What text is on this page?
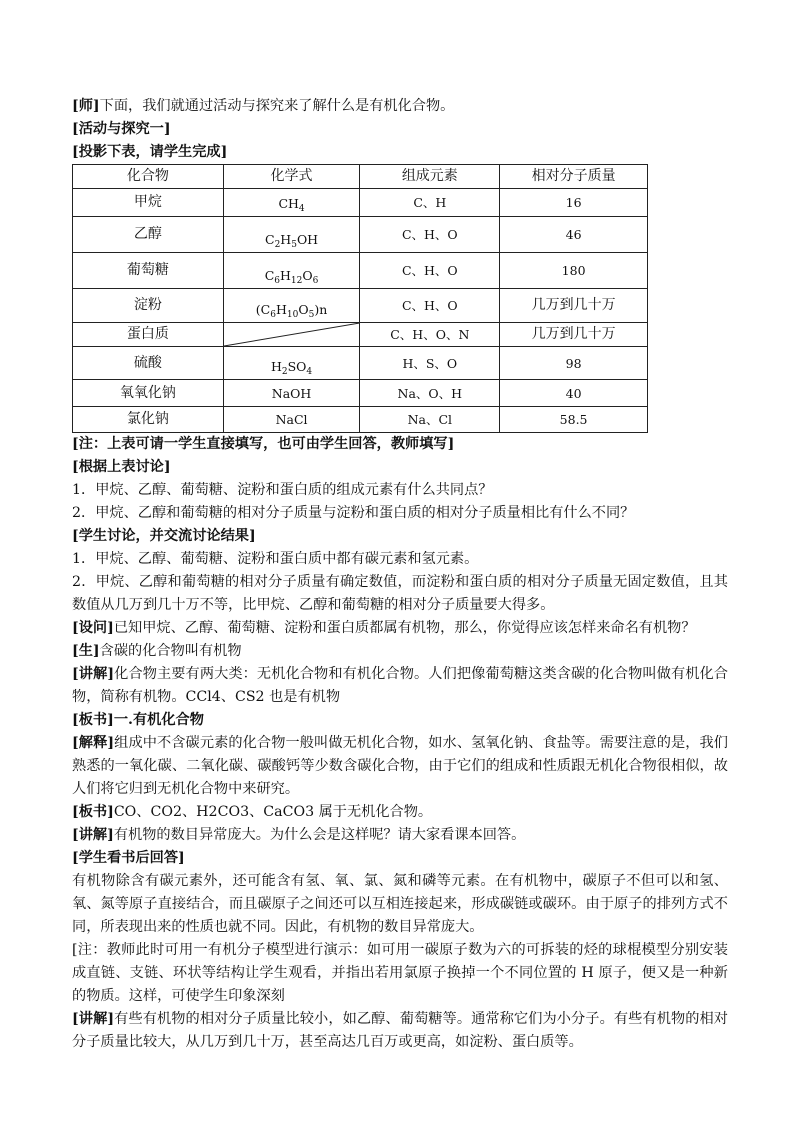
[师]下面，我们就通过活动与探究来了解什么是有机化合物。
[活动与探究一]
[投影下表，请学生完成]
化合物	化学式	组成元素	相对分子质量
甲烷	$CH_4$	C、H	16
乙醇	$C_2H_5OH$	C、H、O	46
葡萄糖	$C_6H_{12}O_6$	C、H、O	180
淀粉	$(C_6H_{10}O_5)n$	C、H、O	几万到几十万
蛋白质		C、H、O、N	几万到几十万
硫酸	$H_2SO_4$	H、S、O	98
氧氧化钠	NaOH	Na、O、H	40
氯化钠	NaCl	Na、Cl	58.5
[注：上表可请一学生直接填写，也可由学生回答，教师填写]
[根据上表讨论]
1．甲烷、乙醇、葡萄糖、淀粉和蛋白质的组成元素有什么共同点？
2．甲烷、乙醇和葡萄糖的相对分子质量与淀粉和蛋白质的相对分子质量相比有什么不同？
[学生讨论，并交流讨论结果]
1．甲烷、乙醇、葡萄糖、淀粉和蛋白质中都有碳元素和氢元素。
2．甲烷、乙醇和葡萄糖的相对分子质量有确定数值，而淀粉和蛋白质的相对分子质量无固定数值，且其数值从几万到几十万不等，比甲烷、乙醇和葡萄糖的相对分子质量要大得多。
[设问]已知甲烷、乙醇、葡萄糖、淀粉和蛋白质都属有机物，那么，你觉得应该怎样来命名有机物？
[生]含碳的化合物叫有机物
[讲解]化合物主要有两大类：无机化合物和有机化合物。人们把像葡萄糖这类含碳的化合物叫做有机化合物，简称有机物。CCl4、CS2 也是有机物
[板书]一.有机化合物
[解释]组成中不含碳元素的化合物一般叫做无机化合物，如水、氢氧化钠、食盐等。需要注意的是，我们熟悉的一氧化碳、二氧化碳、碳酸钙等少数含碳化合物，由于它们的组成和性质跟无机化合物很相似，故人们将它归到无机化合物中来研究。
[板书]CO、CO2、H2CO3、CaCO3 属于无机化合物。
[讲解]有机物的数目异常庞大。为什么会是这样呢？请大家看课本回答。
[学生看书后回答]
有机物除含有碳元素外，还可能含有氢、氧、氯、氮和磷等元素。在有机物中，碳原子不但可以和氢、氧、氮等原子直接结合，而且碳原子之间还可以互相连接起来，形成碳链或碳环。由于原子的排列方式不同，所表现出来的性质也就不同。因此，有机物的数目异常庞大。
[注：教师此时可用一有机分子模型进行演示：如可用一碳原子数为六的可拆装的烃的球棍模型分别安装成直链、支链、环状等结构让学生观看，并指出若用氯原子换掉一个不同位置的 H 原子，便又是一种新的物质。这样，可使学生印象深刻
[讲解]有些有机物的相对分子质量比较小，如乙醇、葡萄糖等。通常称它们为小分子。有些有机物的相对分子质量比较大，从几万到几十万，甚至高达几百万或更高，如淀粉、蛋白质等。
